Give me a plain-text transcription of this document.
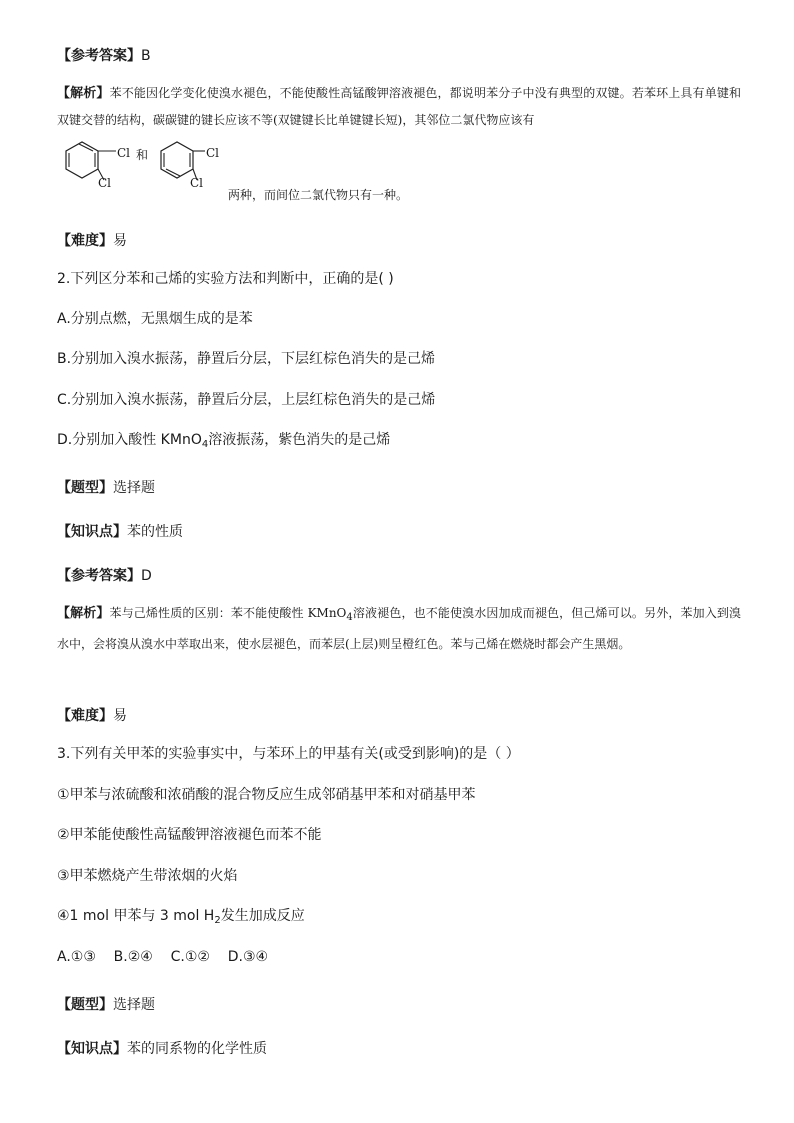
【参考答案】B
【解析】苯不能因化学变化使溴水褪色，不能使酸性高锰酸钾溶液褪色，都说明苯分子中没有典型的双键。若苯环上具有单键和双键交替的结构，碳碳键的键长应该不等(双键键长比单键键长短)，其邻位二氯代物应该有
Cl
Cl
和	Cl
Cl
两种，而间位二氯代物只有一种。
【难度】易
2.下列区分苯和己烯的实验方法和判断中，正确的是( )
A.分别点燃，无黑烟生成的是苯
B.分别加入溴水振荡，静置后分层，下层红棕色消失的是己烯
C.分别加入溴水振荡，静置后分层，上层红棕色消失的是己烯
D.分别加入酸性 KMnO$_4$溶液振荡，紫色消失的是己烯
【题型】选择题
【知识点】苯的性质
【参考答案】D
【解析】苯与己烯性质的区别：苯不能使酸性 KMnO$_4$溶液褪色，也不能使溴水因加成而褪色，但己烯可以。另外，苯加入到溴水中，会将溴从溴水中萃取出来，使水层褪色，而苯层(上层)则呈橙红色。苯与己烯在燃烧时都会产生黑烟。
【难度】易
3.下列有关甲苯的实验事实中，与苯环上的甲基有关(或受到影响)的是（ ）
①甲苯与浓硫酸和浓硝酸的混合物反应生成邻硝基甲苯和对硝基甲苯
②甲苯能使酸性高锰酸钾溶液褪色而苯不能
③甲苯燃烧产生带浓烟的火焰
④1 mol 甲苯与 3 mol $H_2$发生加成反应
A.①③    B.②④    C.①②    D.③④
【题型】选择题
【知识点】苯的同系物的化学性质
